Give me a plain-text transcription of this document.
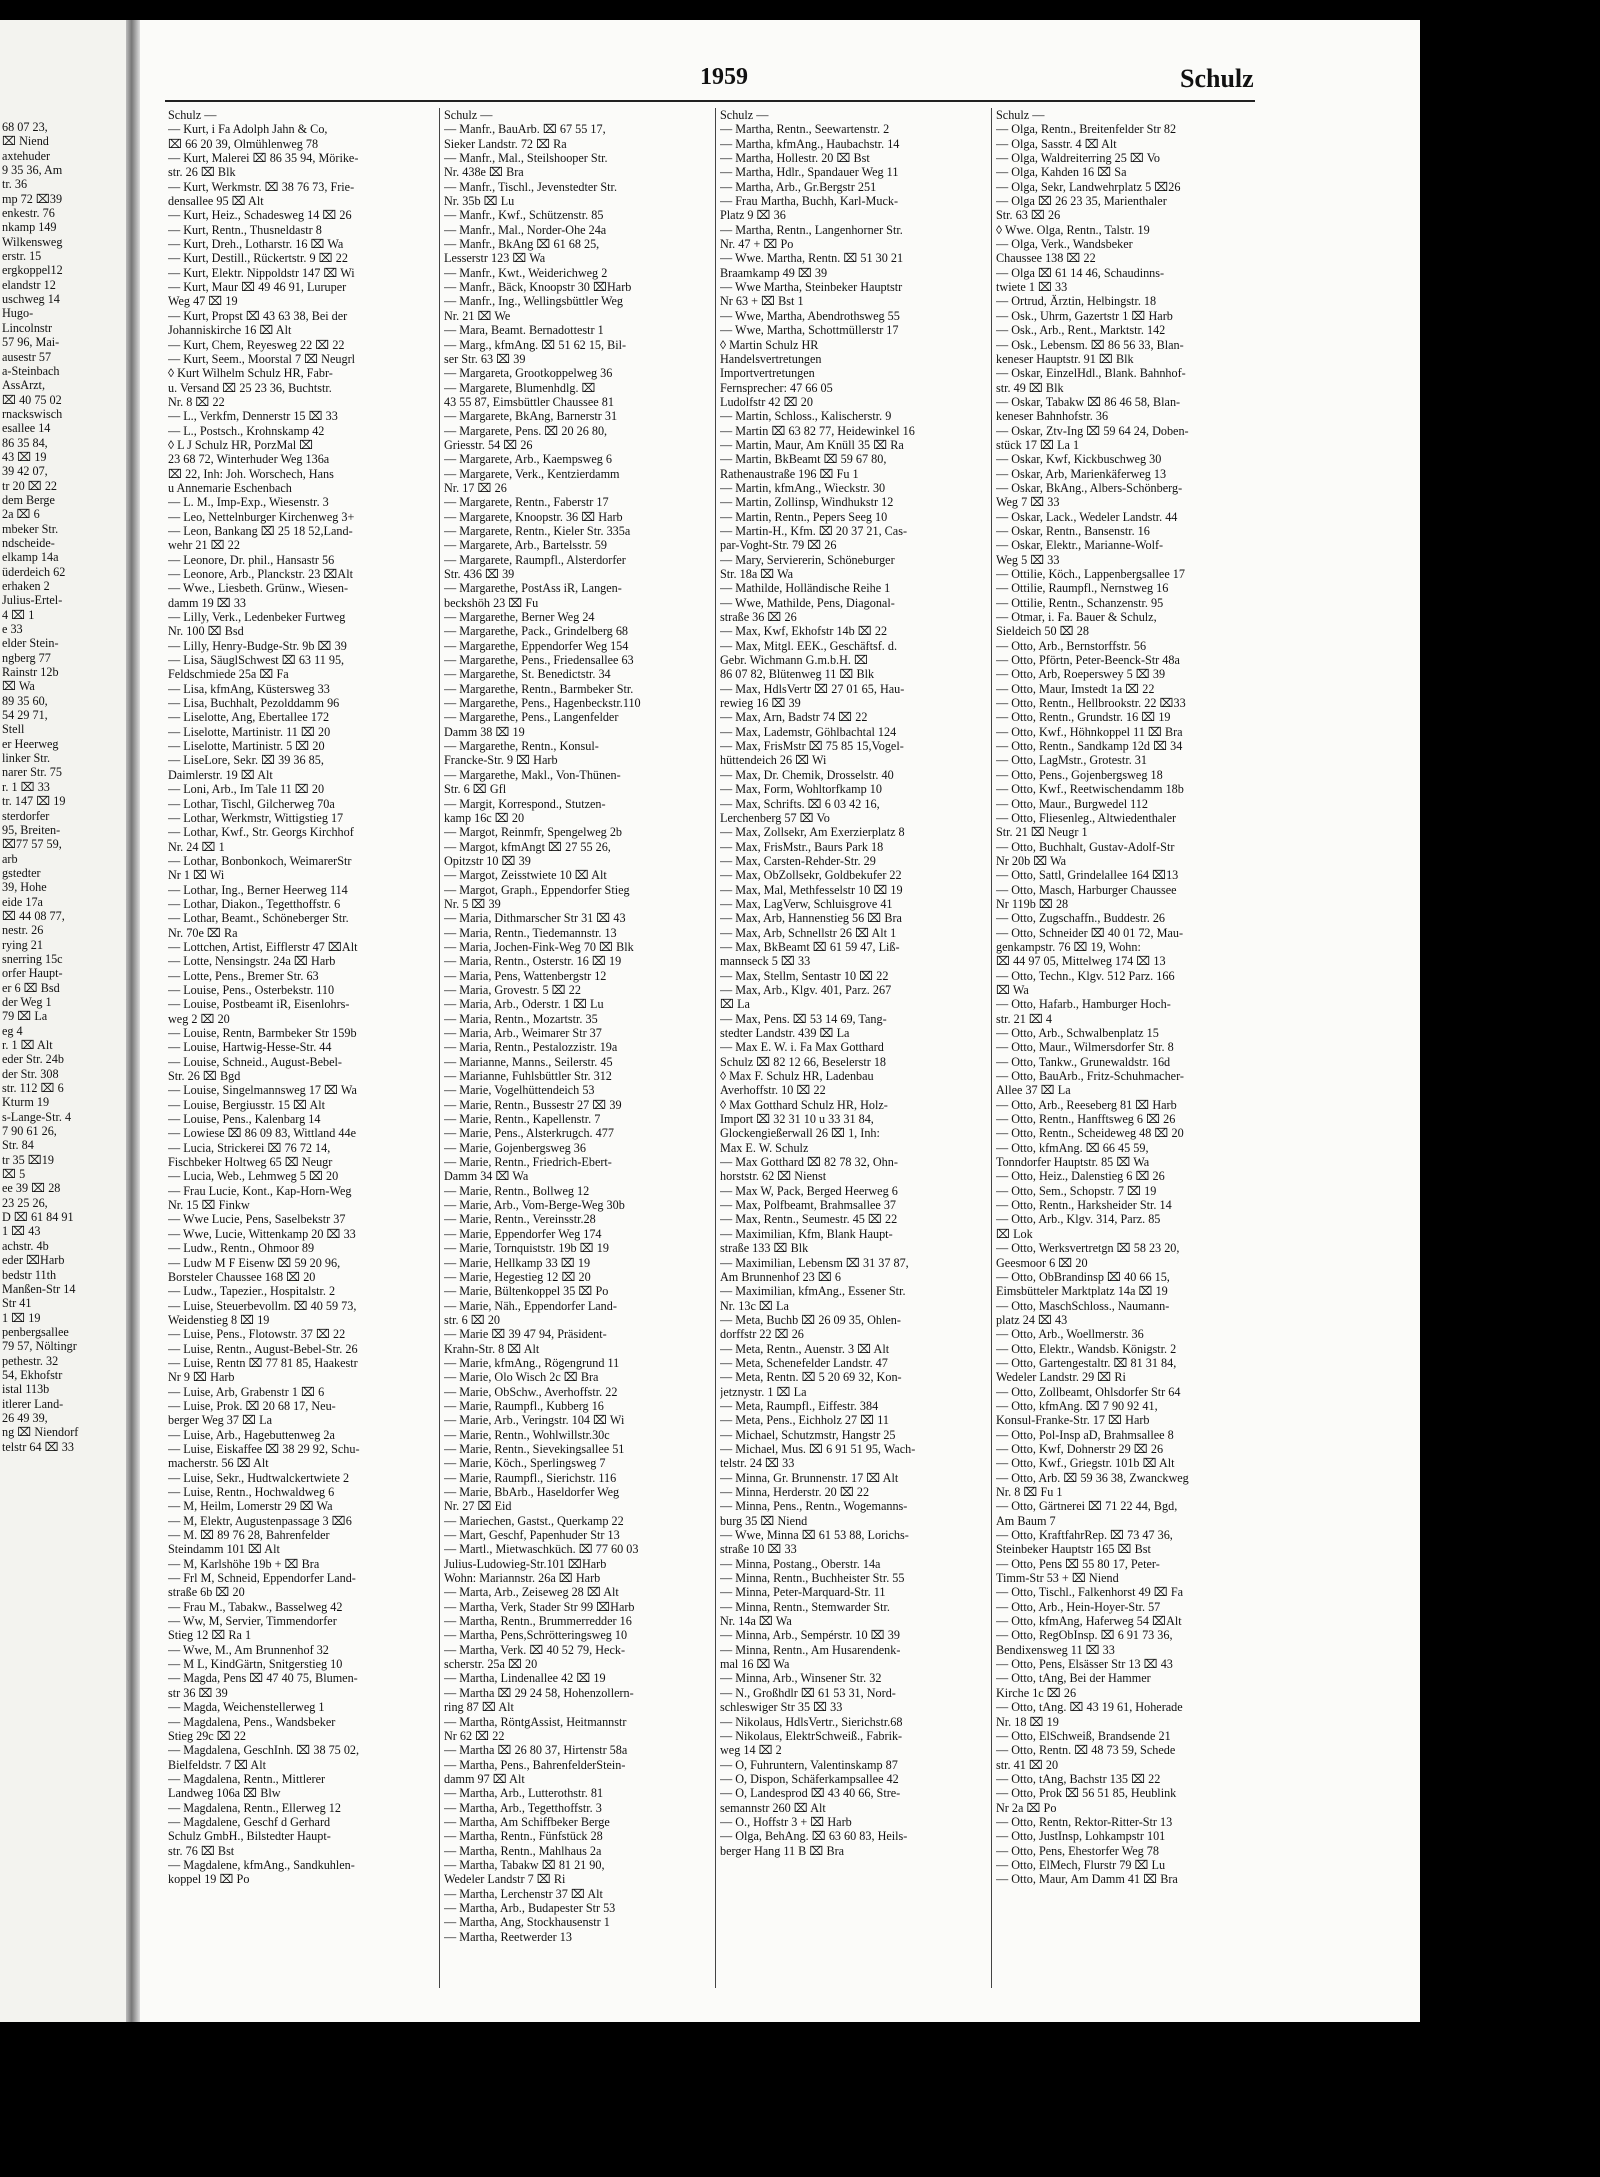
68 07 23,
⌧ Niend
axtehuder
9 35 36, Am
tr. 36
mp 72 ⌧39
enkestr. 76
nkamp 149
Wilkensweg
erstr. 15
ergkoppel12
elandstr 12
uschweg 14
Hugo-
Lincolnstr
57 96, Mai-
ausestr 57
a-Steinbach
AssArzt,
⌧ 40 75 02
rnackswisch
esallee 14
86 35 84,
43 ⌧ 19
39 42 07,
tr 20 ⌧ 22
dem Berge
2a ⌧ 6
mbeker Str.
ndscheide-
elkamp 14a
üderdeich 62
erhaken 2
Julius-Ertel-
4 ⌧ 1
e 33
elder Stein-
ngberg 77
Rainstr 12b
⌧ Wa
89 35 60,
54 29 71,
Stell
er Heerweg
linker Str.
narer Str. 75
r. 1 ⌧ 33
tr. 147 ⌧ 19
sterdorfer
95, Breiten-
⌧77 57 59,
arb
gstedter
39, Hohe
eide 17a
⌧ 44 08 77,
nestr. 26
rying 21
snerring 15c
orfer Haupt-
er 6 ⌧ Bsd
der Weg 1
79 ⌧ La
eg 4
r. 1 ⌧ Alt
eder Str. 24b
der Str. 308
str. 112 ⌧ 6
Kturm 19
s-Lange-Str. 4
7 90 61 26,
Str. 84
tr 35 ⌧19
⌧ 5
ee 39 ⌧ 28
23 25 26,
D ⌧ 61 84 91
1 ⌧ 43
achstr. 4b
eder ⌧Harb
bedstr 11th
Manßen-Str 14
Str 41
1 ⌧ 19
penbergsallee
79 57, Nöltingr
pethestr. 32
54, Ekhofstr
istal 113b
itlerer Land-
26 49 39,
ng ⌧ Niendorf
telstr 64 ⌧ 33
1959	Schulz
Schulz —
— Kurt, i Fa Adolph Jahn & Co,
⌧ 66 20 39, Olmühlenweg 78
— Kurt, Malerei ⌧ 86 35 94, Mörike-
str. 26 ⌧ Blk
— Kurt, Werkmstr. ⌧ 38 76 73, Frie-
densallee 95 ⌧ Alt
— Kurt, Heiz., Schadesweg 14 ⌧ 26
— Kurt, Rentn., Thusneldastr 8
— Kurt, Dreh., Lotharstr. 16 ⌧ Wa
— Kurt, Destill., Rückertstr. 9 ⌧ 22
— Kurt, Elektr. Nippoldstr 147 ⌧ Wi
— Kurt, Maur ⌧ 49 46 91, Luruper
Weg 47 ⌧ 19
— Kurt, Propst ⌧ 43 63 38, Bei der
Johanniskirche 16 ⌧ Alt
— Kurt, Chem, Reyesweg 22 ⌧ 22
— Kurt, Seem., Moorstal 7 ⌧ Neugrl
◊ Kurt Wilhelm Schulz HR, Fabr-
u. Versand ⌧ 25 23 36, Buchtstr.
Nr. 8 ⌧ 22
— L., Verkfm, Dennerstr 15 ⌧ 33
— L., Postsch., Krohnskamp 42
◊ L J Schulz HR, PorzMal ⌧
23 68 72, Winterhuder Weg 136a
⌧ 22, Inh: Joh. Worschech, Hans
u Annemarie Eschenbach
— L. M., Imp-Exp., Wiesenstr. 3
— Leo, Nettelnburger Kirchenweg 3+
— Leon, Bankang ⌧ 25 18 52,Land-
wehr 21 ⌧ 22
— Leonore, Dr. phil., Hansastr 56
— Leonore, Arb., Planckstr. 23 ⌧Alt
— Wwe., Liesbeth. Grünw., Wiesen-
damm 19 ⌧ 33
— Lilly, Verk., Ledenbeker Furtweg
Nr. 100 ⌧ Bsd
— Lilly, Henry-Budge-Str. 9b ⌧ 39
— Lisa, SäuglSchwest ⌧ 63 11 95,
Feldschmiede 25a ⌧ Fa
— Lisa, kfmAng, Küstersweg 33
— Lisa, Buchhalt, Pezolddamm 96
— Liselotte, Ang, Ebertallee 172
— Liselotte, Martinistr. 11 ⌧ 20
— Liselotte, Martinistr. 5 ⌧ 20
— LiseLore, Sekr. ⌧ 39 36 85,
Daimlerstr. 19 ⌧ Alt
— Loni, Arb., Im Tale 11 ⌧ 20
— Lothar, Tischl, Gilcherweg 70a
— Lothar, Werkmstr, Wittigstieg 17
— Lothar, Kwf., Str. Georgs Kirchhof
Nr. 24 ⌧ 1
— Lothar, Bonbonkoch, WeimarerStr
Nr 1 ⌧ Wi
— Lothar, Ing., Berner Heerweg 114
— Lothar, Diakon., Tegetthoffstr. 6
— Lothar, Beamt., Schöneberger Str.
Nr. 70e ⌧ Ra
— Lottchen, Artist, Eifflerstr 47 ⌧Alt
— Lotte, Nensingstr. 24a ⌧ Harb
— Lotte, Pens., Bremer Str. 63
— Louise, Pens., Osterbekstr. 110
— Louise, Postbeamt iR, Eisenlohrs-
weg 2 ⌧ 20
— Louise, Rentn, Barmbeker Str 159b
— Louise, Hartwig-Hesse-Str. 44
— Louise, Schneid., August-Bebel-
Str. 26 ⌧ Bgd
— Louise, Singelmannsweg 17 ⌧ Wa
— Louise, Bergiusstr. 15 ⌧ Alt
— Louise, Pens., Kalenbarg 14
— Lowiese ⌧ 86 09 83, Wittland 44e
— Lucia, Strickerei ⌧ 76 72 14,
Fischbeker Holtweg 65 ⌧ Neugr
— Lucia, Web., Lehmweg 5 ⌧ 20
— Frau Lucie, Kont., Kap-Horn-Weg
Nr. 15 ⌧ Finkw
— Wwe Lucie, Pens, Saselbekstr 37
— Wwe, Lucie, Wittenkamp 20 ⌧ 33
— Ludw., Rentn., Ohmoor 89
— Ludw M F Eisenw ⌧ 59 20 96,
Borsteler Chaussee 168 ⌧ 20
— Ludw., Tapezier., Hospitalstr. 2
— Luise, Steuerbevollm. ⌧ 40 59 73,
Weidenstieg 8 ⌧ 19
— Luise, Pens., Flotowstr. 37 ⌧ 22
— Luise, Rentn., August-Bebel-Str. 26
— Luise, Rentn ⌧ 77 81 85, Haakestr
Nr 9 ⌧ Harb
— Luise, Arb, Grabenstr 1 ⌧ 6
— Luise, Prok. ⌧ 20 68 17, Neu-
berger Weg 37 ⌧ La
— Luise, Arb., Hagebuttenweg 2a
— Luise, Eiskaffee ⌧ 38 29 92, Schu-
macherstr. 56 ⌧ Alt
— Luise, Sekr., Hudtwalckertwiete 2
— Luise, Rentn., Hochwaldweg 6
— M, Heilm, Lomerstr 29 ⌧ Wa
— M, Elektr, Augustenpassage 3 ⌧6
— M. ⌧ 89 76 28, Bahrenfelder
Steindamm 101 ⌧ Alt
— M, Karlshöhe 19b + ⌧ Bra
— Frl M, Schneid, Eppendorfer Land-
straße 6b ⌧ 20
— Frau M., Tabakw., Basselweg 42
— Ww, M, Servier, Timmendorfer
Stieg 12 ⌧ Ra 1
— Wwe, M., Am Brunnenhof 32
— M L, KindGärtn, Snitgerstieg 10
— Magda, Pens ⌧ 47 40 75, Blumen-
str 36 ⌧ 39
— Magda, Weichenstellerweg 1
— Magdalena, Pens., Wandsbeker
Stieg 29c ⌧ 22
— Magdalena, GeschInh. ⌧ 38 75 02,
Bielfeldstr. 7 ⌧ Alt
— Magdalena, Rentn., Mittlerer
Landweg 106a ⌧ Blw
— Magdalena, Rentn., Ellerweg 12
— Magdalene, Geschf d Gerhard
Schulz GmbH., Bilstedter Haupt-
str. 76 ⌧ Bst
— Magdalene, kfmAng., Sandkuhlen-
koppel 19 ⌧ Po
Schulz —
— Manfr., BauArb. ⌧ 67 55 17,
Sieker Landstr. 72 ⌧ Ra
— Manfr., Mal., Steilshooper Str.
Nr. 438e ⌧ Bra
— Manfr., Tischl., Jevenstedter Str.
Nr. 35b ⌧ Lu
— Manfr., Kwf., Schützenstr. 85
— Manfr., Mal., Norder-Ohe 24a
— Manfr., BkAng ⌧ 61 68 25,
Lesserstr 123 ⌧ Wa
— Manfr., Kwt., Weiderichweg 2
— Manfr., Bäck, Knoopstr 30 ⌧Harb
— Manfr., Ing., Wellingsbüttler Weg
Nr. 21 ⌧ We
— Mara, Beamt. Bernadottestr 1
— Marg., kfmAng. ⌧ 51 62 15, Bil-
ser Str. 63 ⌧ 39
— Margareta, Grootkoppelweg 36
— Margarete, Blumenhdlg. ⌧
43 55 87, Eimsbüttler Chaussee 81
— Margarete, BkAng, Barnerstr 31
— Margarete, Pens. ⌧ 20 26 80,
Griesstr. 54 ⌧ 26
— Margarete, Arb., Kaempsweg 6
— Margarete, Verk., Kentzierdamm
Nr. 17 ⌧ 26
— Margarete, Rentn., Faberstr 17
— Margarete, Knoopstr. 36 ⌧ Harb
— Margarete, Rentn., Kieler Str. 335a
— Margarete, Arb., Bartelsstr. 59
— Margarete, Raumpfl., Alsterdorfer
Str. 436 ⌧ 39
— Margarethe, PostAss iR, Langen-
beckshöh 23 ⌧ Fu
— Margarethe, Berner Weg 24
— Margarethe, Pack., Grindelberg 68
— Margarethe, Eppendorfer Weg 154
— Margarethe, Pens., Friedensallee 63
— Margarethe, St. Benedictstr. 34
— Margarethe, Rentn., Barmbeker Str.
— Margarethe, Pens., Hagenbeckstr.110
— Margarethe, Pens., Langenfelder
Damm 38 ⌧ 19
— Margarethe, Rentn., Konsul-
Francke-Str. 9 ⌧ Harb
— Margarethe, Makl., Von-Thünen-
Str. 6 ⌧ Gfl
— Margit, Korrespond., Stutzen-
kamp 16c ⌧ 20
— Margot, Reinmfr, Spengelweg 2b
— Margot, kfmAngt ⌧ 27 55 26,
Opitzstr 10 ⌧ 39
— Margot, Zeisstwiete 10 ⌧ Alt
— Margot, Graph., Eppendorfer Stieg
Nr. 5 ⌧ 39
— Maria, Dithmarscher Str 31 ⌧ 43
— Maria, Rentn., Tiedemannstr. 13
— Maria, Jochen-Fink-Weg 70 ⌧ Blk
— Maria, Rentn., Osterstr. 16 ⌧ 19
— Maria, Pens, Wattenbergstr 12
— Maria, Grovestr. 5 ⌧ 22
— Maria, Arb., Oderstr. 1 ⌧ Lu
— Maria, Rentn., Mozartstr. 35
— Maria, Arb., Weimarer Str 37
— Maria, Rentn., Pestalozzistr. 19a
— Marianne, Manns., Seilerstr. 45
— Marianne, Fuhlsbüttler Str. 312
— Marie, Vogelhüttendeich 53
— Marie, Rentn., Bussestr 27 ⌧ 39
— Marie, Rentn., Kapellenstr. 7
— Marie, Pens., Alsterkrugch. 477
— Marie, Gojenbergsweg 36
— Marie, Rentn., Friedrich-Ebert-
Damm 34 ⌧ Wa
— Marie, Rentn., Bollweg 12
— Marie, Arb., Vom-Berge-Weg 30b
— Marie, Rentn., Vereinsstr.28
— Marie, Eppendorfer Weg 174
— Marie, Tornquiststr. 19b ⌧ 19
— Marie, Hellkamp 33 ⌧ 19
— Marie, Hegestieg 12 ⌧ 20
— Marie, Bültenkoppel 35 ⌧ Po
— Marie, Näh., Eppendorfer Land-
str. 6 ⌧ 20
— Marie ⌧ 39 47 94, Präsident-
Krahn-Str. 8 ⌧ Alt
— Marie, kfmAng., Rögengrund 11
— Marie, Olo Wisch 2c ⌧ Bra
— Marie, ObSchw., Averhoffstr. 22
— Marie, Raumpfl., Kubberg 16
— Marie, Arb., Veringstr. 104 ⌧ Wi
— Marie, Rentn., Wohlwillstr.30c
— Marie, Rentn., Sievekingsallee 51
— Marie, Köch., Sperlingsweg 7
— Marie, Raumpfl., Sierichstr. 116
— Marie, BbArb., Haseldorfer Weg
Nr. 27 ⌧ Eid
— Mariechen, Gastst., Querkamp 22
— Mart, Geschf, Papenhuder Str 13
— Martl., Mietwaschküch. ⌧ 77 60 03
Julius-Ludowieg-Str.101 ⌧Harb
Wohn: Mariannstr. 26a ⌧ Harb
— Marta, Arb., Zeiseweg 28 ⌧ Alt
— Martha, Verk, Stader Str 99 ⌧Harb
— Martha, Rentn., Brummerredder 16
— Martha, Pens,Schrötteringsweg 10
— Martha, Verk. ⌧ 40 52 79, Heck-
scherstr. 25a ⌧ 20
— Martha, Lindenallee 42 ⌧ 19
— Martha ⌧ 29 24 58, Hohenzollern-
ring 87 ⌧ Alt
— Martha, RöntgAssist, Heitmannstr
Nr 62 ⌧ 22
— Martha ⌧ 26 80 37, Hirtenstr 58a
— Martha, Pens., BahrenfelderStein-
damm 97 ⌧ Alt
— Martha, Arb., Lutterothstr. 81
— Martha, Arb., Tegetthoffstr. 3
— Martha, Am Schiffbeker Berge
— Martha, Rentn., Fünfstück 28
— Martha, Rentn., Mahlhaus 2a
— Martha, Tabakw ⌧ 81 21 90,
Wedeler Landstr 7 ⌧ Ri
— Martha, Lerchenstr 37 ⌧ Alt
— Martha, Arb., Budapester Str 53
— Martha, Ang, Stockhausenstr 1
— Martha, Reetwerder 13
Schulz —
— Martha, Rentn., Seewartenstr. 2
— Martha, kfmAng., Haubachstr. 14
— Martha, Hollestr. 20 ⌧ Bst
— Martha, Hdlr., Spandauer Weg 11
— Martha, Arb., Gr.Bergstr 251
— Frau Martha, Buchh, Karl-Muck-
Platz 9 ⌧ 36
— Martha, Rentn., Langenhorner Str.
Nr. 47 + ⌧ Po
— Wwe. Martha, Rentn. ⌧ 51 30 21
Braamkamp 49 ⌧ 39
— Wwe Martha, Steinbeker Hauptstr
Nr 63 + ⌧ Bst 1
— Wwe, Martha, Abendrothsweg 55
— Wwe, Martha, Schottmüllerstr 17
◊ Martin Schulz HR
Handelsvertretungen
Importvertretungen
Fernsprecher: 47 66 05
Ludolfstr 42 ⌧ 20
— Martin, Schloss., Kalischerstr. 9
— Martin ⌧ 63 82 77, Heidewinkel 16
— Martin, Maur, Am Knüll 35 ⌧ Ra
— Martin, BkBeamt ⌧ 59 67 80,
Rathenaustraße 196 ⌧ Fu 1
— Martin, kfmAng., Wieckstr. 30
— Martin, Zollinsp, Windhukstr 12
— Martin, Rentn., Pepers Seeg 10
— Martin-H., Kfm. ⌧ 20 37 21, Cas-
par-Voght-Str. 79 ⌧ 26
— Mary, Serviererin, Schöneburger
Str. 18a ⌧ Wa
— Mathilde, Holländische Reihe 1
— Wwe, Mathilde, Pens, Diagonal-
straße 36 ⌧ 26
— Max, Kwf, Ekhofstr 14b ⌧ 22
— Max, Mitgl. EEK., Geschäftsf. d.
Gebr. Wichmann G.m.b.H. ⌧
86 07 82, Blütenweg 11 ⌧ Blk
— Max, HdlsVertr ⌧ 27 01 65, Hau-
rewieg 16 ⌧ 39
— Max, Arn, Badstr 74 ⌧ 22
— Max, Lademstr, Göhlbachtal 124
— Max, FrisMstr ⌧ 75 85 15,Vogel-
hüttendeich 26 ⌧ Wi
— Max, Dr. Chemik, Drosselstr. 40
— Max, Form, Wohltorfkamp 10
— Max, Schrifts. ⌧ 6 03 42 16,
Lerchenberg 57 ⌧ Vo
— Max, Zollsekr, Am Exerzierplatz 8
— Max, FrisMstr., Baurs Park 18
— Max, Carsten-Rehder-Str. 29
— Max, ObZollsekr, Goldbekufer 22
— Max, Mal, Methfesselstr 10 ⌧ 19
— Max, LagVerw, Schluisgrove 41
— Max, Arb, Hannenstieg 56 ⌧ Bra
— Max, Arb, Schnellstr 26 ⌧ Alt 1
— Max, BkBeamt ⌧ 61 59 47, Liß-
mannseck 5 ⌧ 33
— Max, Stellm, Sentastr 10 ⌧ 22
— Max, Arb., Klgv. 401, Parz. 267
⌧ La
— Max, Pens. ⌧ 53 14 69, Tang-
stedter Landstr. 439 ⌧ La
— Max E. W. i. Fa Max Gotthard
Schulz ⌧ 82 12 66, Beselerstr 18
◊ Max F. Schulz HR, Ladenbau
Averhoffstr. 10 ⌧ 22
◊ Max Gotthard Schulz HR, Holz-
Import ⌧ 32 31 10 u 33 31 84,
Glockengießerwall 26 ⌧ 1, Inh:
Max E. W. Schulz
— Max Gotthard ⌧ 82 78 32, Ohn-
horststr. 62 ⌧ Nienst
— Max W, Pack, Berged Heerweg 6
— Max, Polfbeamt, Brahmsallee 37
— Max, Rentn., Seumestr. 45 ⌧ 22
— Maximilian, Kfm, Blank Haupt-
straße 133 ⌧ Blk
— Maximilian, Lebensm ⌧ 31 37 87,
Am Brunnenhof 23 ⌧ 6
— Maximilian, kfmAng., Essener Str.
Nr. 13c ⌧ La
— Meta, Buchb ⌧ 26 09 35, Ohlen-
dorffstr 22 ⌧ 26
— Meta, Rentn., Auenstr. 3 ⌧ Alt
— Meta, Schenefelder Landstr. 47
— Meta, Rentn. ⌧ 5 20 69 32, Kon-
jetznystr. 1 ⌧ La
— Meta, Raumpfl., Eiffestr. 384
— Meta, Pens., Eichholz 27 ⌧ 11
— Michael, Schutzmstr, Hangstr 25
— Michael, Mus. ⌧ 6 91 51 95, Wach-
telstr. 24 ⌧ 33
— Minna, Gr. Brunnenstr. 17 ⌧ Alt
— Minna, Herderstr. 20 ⌧ 22
— Minna, Pens., Rentn., Wogemanns-
burg 35 ⌧ Niend
— Wwe, Minna ⌧ 61 53 88, Lorichs-
straße 10 ⌧ 33
— Minna, Postang., Oberstr. 14a
— Minna, Rentn., Buchheister Str. 55
— Minna, Peter-Marquard-Str. 11
— Minna, Rentn., Stemwarder Str.
Nr. 14a ⌧ Wa
— Minna, Arb., Sempérstr. 10 ⌧ 39
— Minna, Rentn., Am Husarendenk-
mal 16 ⌧ Wa
— Minna, Arb., Winsener Str. 32
— N., Großhdlr ⌧ 61 53 31, Nord-
schleswiger Str 35 ⌧ 33
— Nikolaus, HdlsVertr., Sierichstr.68
— Nikolaus, ElektrSchweiß., Fabrik-
weg 14 ⌧ 2
— O, Fuhruntern, Valentinskamp 87
— O, Dispon, Schäferkampsallee 42
— O, Landesprod ⌧ 43 40 66, Stre-
semannstr 260 ⌧ Alt
— O., Hoffstr 3 + ⌧ Harb
— Olga, BehAng. ⌧ 63 60 83, Heils-
berger Hang 11 B ⌧ Bra
Schulz —
— Olga, Rentn., Breitenfelder Str 82
— Olga, Sasstr. 4 ⌧ Alt
— Olga, Waldreiterring 25 ⌧ Vo
— Olga, Kahden 16 ⌧ Sa
— Olga, Sekr, Landwehrplatz 5 ⌧26
— Olga ⌧ 26 23 35, Marienthaler
Str. 63 ⌧ 26
◊ Wwe. Olga, Rentn., Talstr. 19
— Olga, Verk., Wandsbeker
Chaussee 138 ⌧ 22
— Olga ⌧ 61 14 46, Schaudinns-
twiete 1 ⌧ 33
— Ortrud, Ärztin, Helbingstr. 18
— Osk., Uhrm, Gazertstr 1 ⌧ Harb
— Osk., Arb., Rent., Marktstr. 142
— Osk., Lebensm. ⌧ 86 56 33, Blan-
keneser Hauptstr. 91 ⌧ Blk
— Oskar, EinzelHdl., Blank. Bahnhof-
str. 49 ⌧ Blk
— Oskar, Tabakw ⌧ 86 46 58, Blan-
keneser Bahnhofstr. 36
— Oskar, Ztv-Ing ⌧ 59 64 24, Doben-
stück 17 ⌧ La 1
— Oskar, Kwf, Kickbuschweg 30
— Oskar, Arb, Marienkäferweg 13
— Oskar, BkAng., Albers-Schönberg-
Weg 7 ⌧ 33
— Oskar, Lack., Wedeler Landstr. 44
— Oskar, Rentn., Bansenstr. 16
— Oskar, Elektr., Marianne-Wolf-
Weg 5 ⌧ 33
— Ottilie, Köch., Lappenbergsallee 17
— Ottilie, Raumpfl., Nernstweg 16
— Ottilie, Rentn., Schanzenstr. 95
— Otmar, i. Fa. Bauer & Schulz,
Sieldeich 50 ⌧ 28
— Otto, Arb., Bernstorffstr. 56
— Otto, Pförtn, Peter-Beenck-Str 48a
— Otto, Arb, Roeperswey 5 ⌧ 39
— Otto, Maur, Imstedt 1a ⌧ 22
— Otto, Rentn., Hellbrookstr. 22 ⌧33
— Otto, Rentn., Grundstr. 16 ⌧ 19
— Otto, Kwf., Höhnkoppel 11 ⌧ Bra
— Otto, Rentn., Sandkamp 12d ⌧ 34
— Otto, LagMstr., Grotestr. 31
— Otto, Pens., Gojenbergsweg 18
— Otto, Kwf., Reetwischendamm 18b
— Otto, Maur., Burgwedel 112
— Otto, Fliesenleg., Altwiedenthaler
Str. 21 ⌧ Neugr 1
— Otto, Buchhalt, Gustav-Adolf-Str
Nr 20b ⌧ Wa
— Otto, Sattl, Grindelallee 164 ⌧13
— Otto, Masch, Harburger Chaussee
Nr 119b ⌧ 28
— Otto, Zugschaffn., Buddestr. 26
— Otto, Schneider ⌧ 40 01 72, Mau-
genkampstr. 76 ⌧ 19, Wohn:
⌧ 44 97 05, Mittelweg 174 ⌧ 13
— Otto, Techn., Klgv. 512 Parz. 166
⌧ Wa
— Otto, Hafarb., Hamburger Hoch-
str. 21 ⌧ 4
— Otto, Arb., Schwalbenplatz 15
— Otto, Maur., Wilmersdorfer Str. 8
— Otto, Tankw., Grunewaldstr. 16d
— Otto, BauArb., Fritz-Schuhmacher-
Allee 37 ⌧ La
— Otto, Arb., Reeseberg 81 ⌧ Harb
— Otto, Rentn., Hanfftsweg 6 ⌧ 26
— Otto, Rentn., Scheideweg 48 ⌧ 20
— Otto, kfmAng. ⌧ 66 45 59,
Tonndorfer Hauptstr. 85 ⌧ Wa
— Otto, Heiz., Dalenstieg 6 ⌧ 26
— Otto, Sem., Schopstr. 7 ⌧ 19
— Otto, Rentn., Harksheider Str. 14
— Otto, Arb., Klgv. 314, Parz. 85
⌧ Lok
— Otto, Werksvertretgn ⌧ 58 23 20,
Geesmoor 6 ⌧ 20
— Otto, ObBrandinsp ⌧ 40 66 15,
Eimsbütteler Marktplatz 14a ⌧ 19
— Otto, MaschSchloss., Naumann-
platz 24 ⌧ 43
— Otto, Arb., Woellmerstr. 36
— Otto, Elektr., Wandsb. Königstr. 2
— Otto, Gartengestaltr. ⌧ 81 31 84,
Wedeler Landstr. 29 ⌧ Ri
— Otto, Zollbeamt, Ohlsdorfer Str 64
— Otto, kfmAng. ⌧ 7 90 92 41,
Konsul-Franke-Str. 17 ⌧ Harb
— Otto, Pol-Insp aD, Brahmsallee 8
— Otto, Kwf, Dohnerstr 29 ⌧ 26
— Otto, Kwf., Griegstr. 101b ⌧ Alt
— Otto, Arb. ⌧ 59 36 38, Zwanckweg
Nr. 8 ⌧ Fu 1
— Otto, Gärtnerei ⌧ 71 22 44, Bgd,
Am Baum 7
— Otto, KraftfahrRep. ⌧ 73 47 36,
Steinbeker Hauptstr 165 ⌧ Bst
— Otto, Pens ⌧ 55 80 17, Peter-
Timm-Str 53 + ⌧ Niend
— Otto, Tischl., Falkenhorst 49 ⌧ Fa
— Otto, Arb., Hein-Hoyer-Str. 57
— Otto, kfmAng, Haferweg 54 ⌧Alt
— Otto, RegObInsp. ⌧ 6 91 73 36,
Bendixensweg 11 ⌧ 33
— Otto, Pens, Elsässer Str 13 ⌧ 43
— Otto, tAng, Bei der Hammer
Kirche 1c ⌧ 26
— Otto, tAng. ⌧ 43 19 61, Hoherade
Nr. 18 ⌧ 19
— Otto, ElSchweiß, Brandsende 21
— Otto, Rentn. ⌧ 48 73 59, Schede
str. 41 ⌧ 20
— Otto, tAng, Bachstr 135 ⌧ 22
— Otto, Prok ⌧ 56 51 85, Heublink
Nr 2a ⌧ Po
— Otto, Rentn, Rektor-Ritter-Str 13
— Otto, JustInsp, Lohkampstr 101
— Otto, Pens, Ehestorfer Weg 78
— Otto, ElMech, Flurstr 79 ⌧ Lu
— Otto, Maur, Am Damm 41 ⌧ Bra
